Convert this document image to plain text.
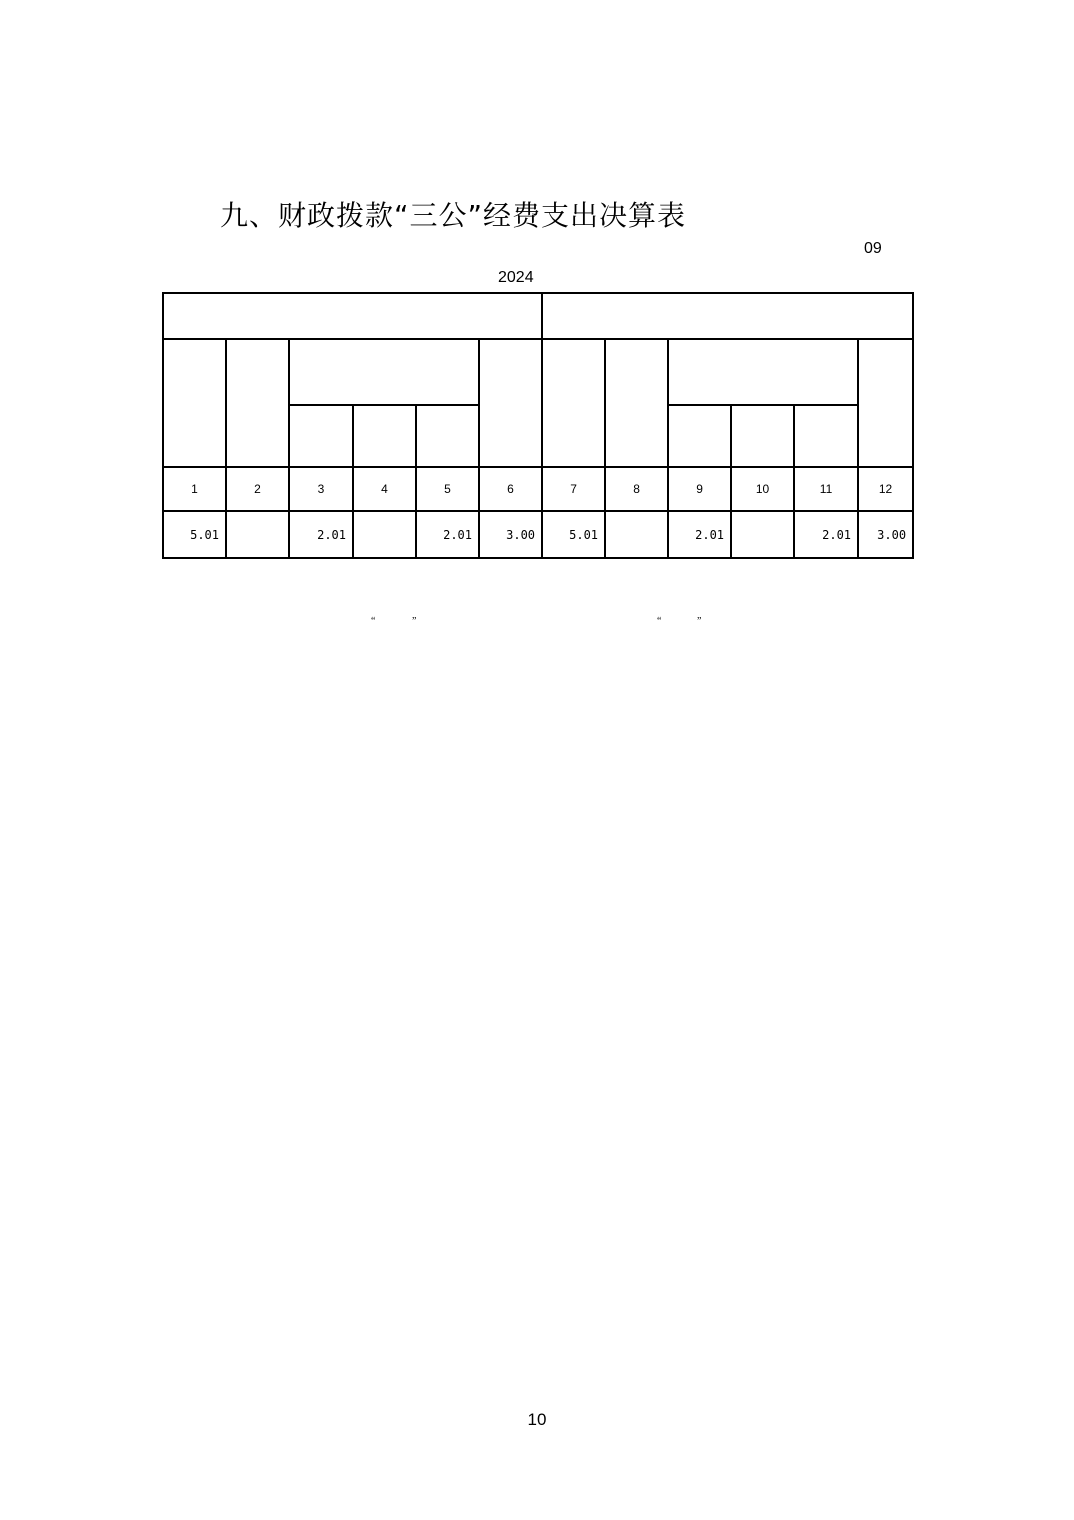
九、财政拨款“三公”经费支出决算表
09
2024

1	2	3	4	5	6	7	8	9	10	11	12
5.01		2.01		2.01	3.00	5.01		2.01		2.01	3.00
“	”	“	”
10
